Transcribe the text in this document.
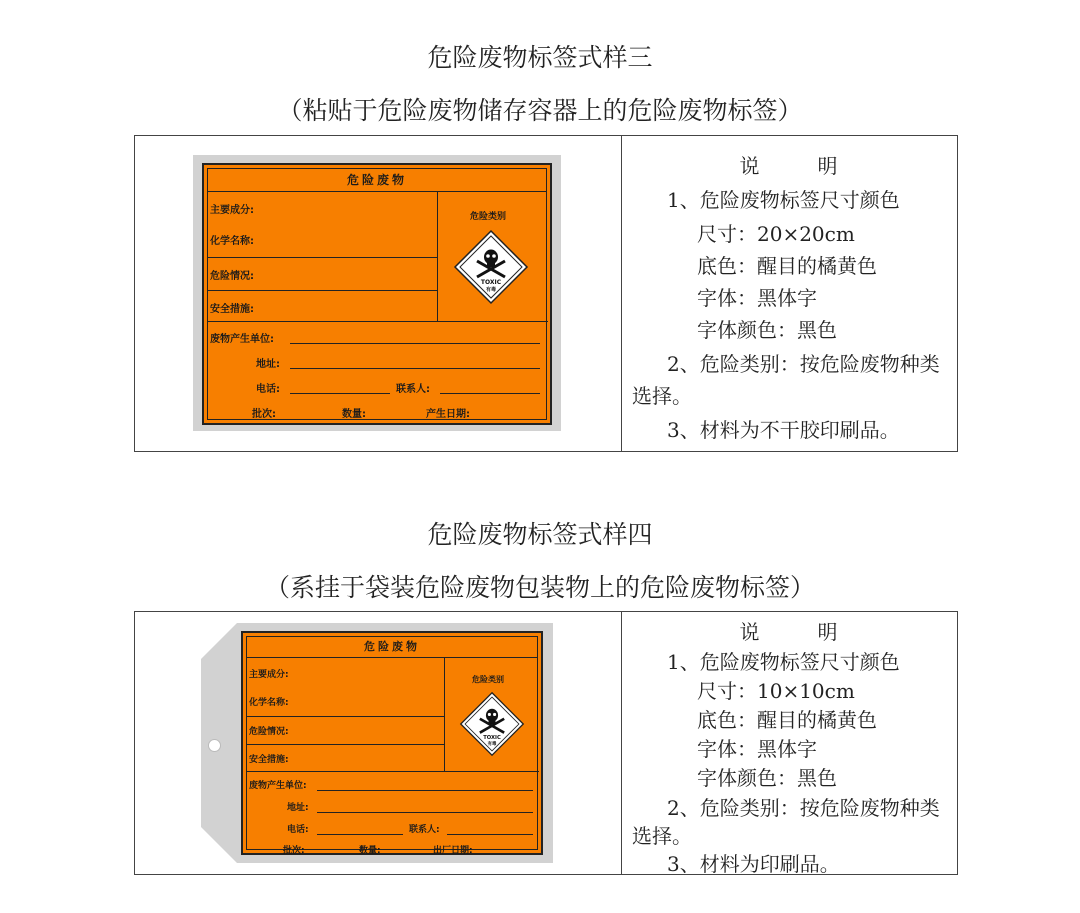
危险废物标签式样三
（粘贴于危险废物储存容器上的危险废物标签）
危险废物
主要成分:
化学名称:
危险情况:
安全措施:
危险类别
TOXIC
有毒
废物产生单位:
地址:
电话:	联系人:
批次:	数量:	产生日期:
说	明
1、危险废物标签尺寸颜色
尺寸：20×20cm
底色：醒目的橘黄色
字体：黑体字
字体颜色：黑色
2、危险类别：按危险废物种类
选择。
3、材料为不干胶印刷品。
危险废物标签式样四
（系挂于袋装危险废物包装物上的危险废物标签）
危险废物
主要成分:
化学名称:
危险情况:
安全措施:
危险类别
TOXIC
有毒
废物产生单位:
地址:
电话:	联系人:
批次:	数量:	出厂日期:
说	明
1、危险废物标签尺寸颜色
尺寸：10×10cm
底色：醒目的橘黄色
字体：黑体字
字体颜色：黑色
2、危险类别：按危险废物种类
选择。
3、材料为印刷品。
